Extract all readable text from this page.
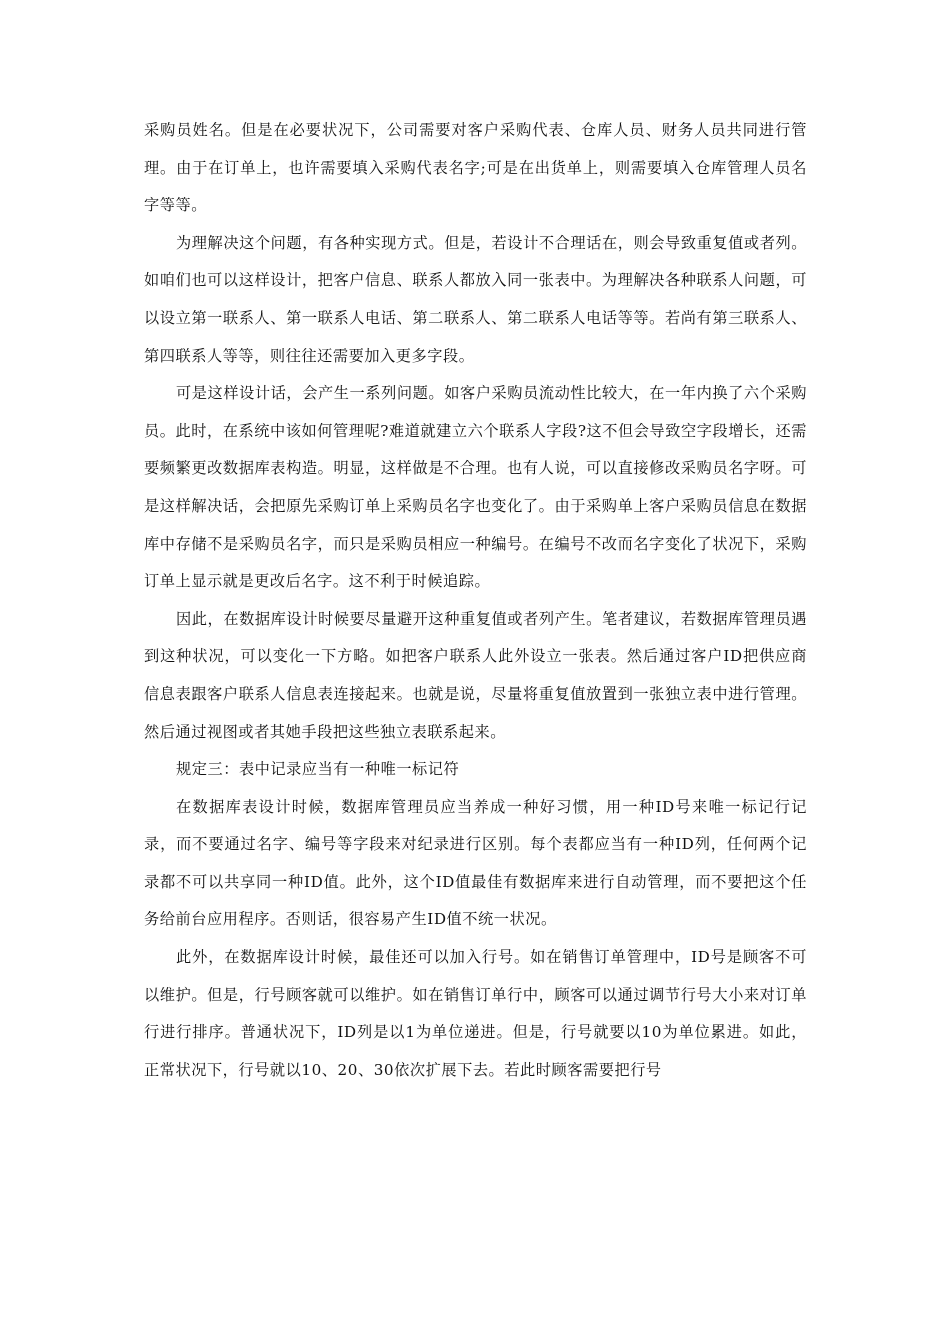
采购员姓名。但是在必要状况下，公司需要对客户采购代表、仓库人员、财务人员共同进行管理。由于在订单上，也许需要填入采购代表名字;可是在出货单上，则需要填入仓库管理人员名字等等。

为理解决这个问题，有各种实现方式。但是，若设计不合理话在，则会导致重复值或者列。如咱们也可以这样设计，把客户信息、联系人都放入同一张表中。为理解决各种联系人问题，可以设立第一联系人、第一联系人电话、第二联系人、第二联系人电话等等。若尚有第三联系人、第四联系人等等，则往往还需要加入更多字段。

可是这样设计话，会产生一系列问题。如客户采购员流动性比较大，在一年内换了六个采购员。此时，在系统中该如何管理呢?难道就建立六个联系人字段?这不但会导致空字段增长，还需要频繁更改数据库表构造。明显，这样做是不合理。也有人说，可以直接修改采购员名字呀。可是这样解决话，会把原先采购订单上采购员名字也变化了。由于采购单上客户采购员信息在数据库中存储不是采购员名字，而只是采购员相应一种编号。在编号不改而名字变化了状况下，采购订单上显示就是更改后名字。这不利于时候追踪。

因此，在数据库设计时候要尽量避开这种重复值或者列产生。笔者建议，若数据库管理员遇到这种状况，可以变化一下方略。如把客户联系人此外设立一张表。然后通过客户ID把供应商信息表跟客户联系人信息表连接起来。也就是说，尽量将重复值放置到一张独立表中进行管理。然后通过视图或者其她手段把这些独立表联系起来。

规定三：表中记录应当有一种唯一标记符

在数据库表设计时候，数据库管理员应当养成一种好习惯，用一种ID号来唯一标记行记录，而不要通过名字、编号等字段来对纪录进行区别。每个表都应当有一种ID列，任何两个记录都不可以共享同一种ID值。此外，这个ID值最佳有数据库来进行自动管理，而不要把这个任务给前台应用程序。否则话，很容易产生ID值不统一状况。

此外，在数据库设计时候，最佳还可以加入行号。如在销售订单管理中，ID号是顾客不可以维护。但是，行号顾客就可以维护。如在销售订单行中，顾客可以通过调节行号大小来对订单行进行排序。普通状况下，ID列是以1为单位递进。但是，行号就要以10为单位累进。如此，正常状况下，行号就以10、20、30依次扩展下去。若此时顾客需要把行号
